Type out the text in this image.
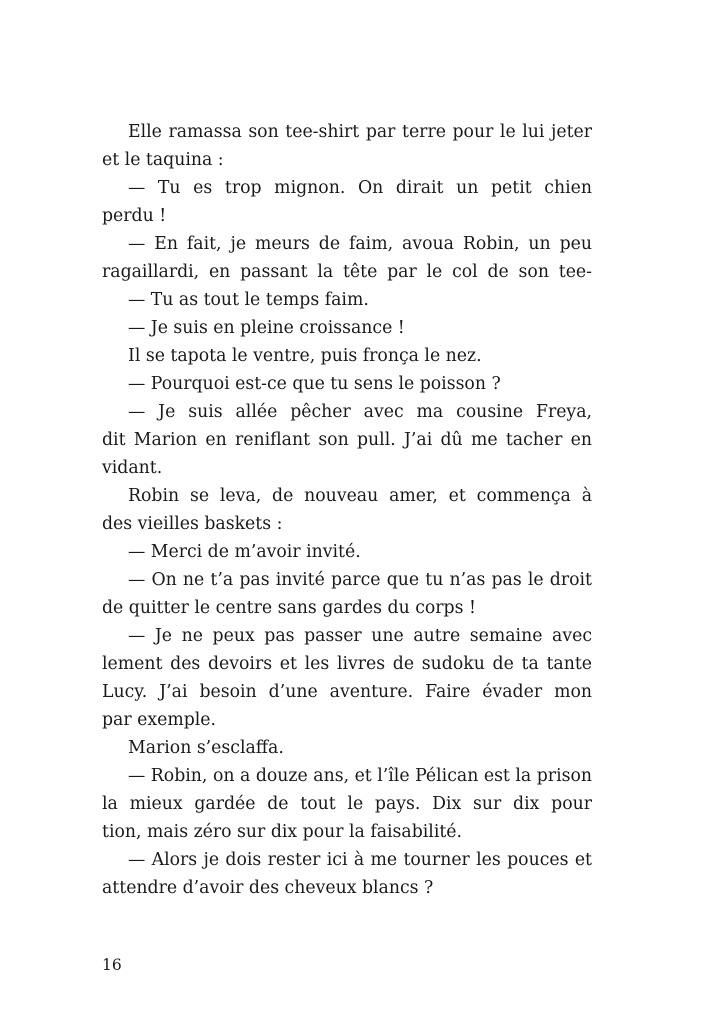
Elle ramassa son tee-shirt par terre pour le lui jeter
et le taquina :
— Tu es trop mignon. On dirait un petit chien
perdu !
— En fait, je meurs de faim, avoua Robin, un peu
ragaillardi, en passant la tête par le col de son tee-
— Tu as tout le temps faim.
— Je suis en pleine croissance !
Il se tapota le ventre, puis fronça le nez.
— Pourquoi est-ce que tu sens le poisson ?
— Je suis allée pêcher avec ma cousine Freya,
dit Marion en reniflant son pull. J’ai dû me tacher en
vidant.
Robin se leva, de nouveau amer, et commença à
des vieilles baskets :
— Merci de m’avoir invité.
— On ne t’a pas invité parce que tu n’as pas le droit
de quitter le centre sans gardes du corps !
— Je ne peux pas passer une autre semaine avec
lement des devoirs et les livres de sudoku de ta tante
Lucy. J’ai besoin d’une aventure. Faire évader mon
par exemple.
Marion s’esclaffa.
— Robin, on a douze ans, et l’île Pélican est la prison
la mieux gardée de tout le pays. Dix sur dix pour
tion, mais zéro sur dix pour la faisabilité.
— Alors je dois rester ici à me tourner les pouces et
attendre d’avoir des cheveux blancs ?
16
